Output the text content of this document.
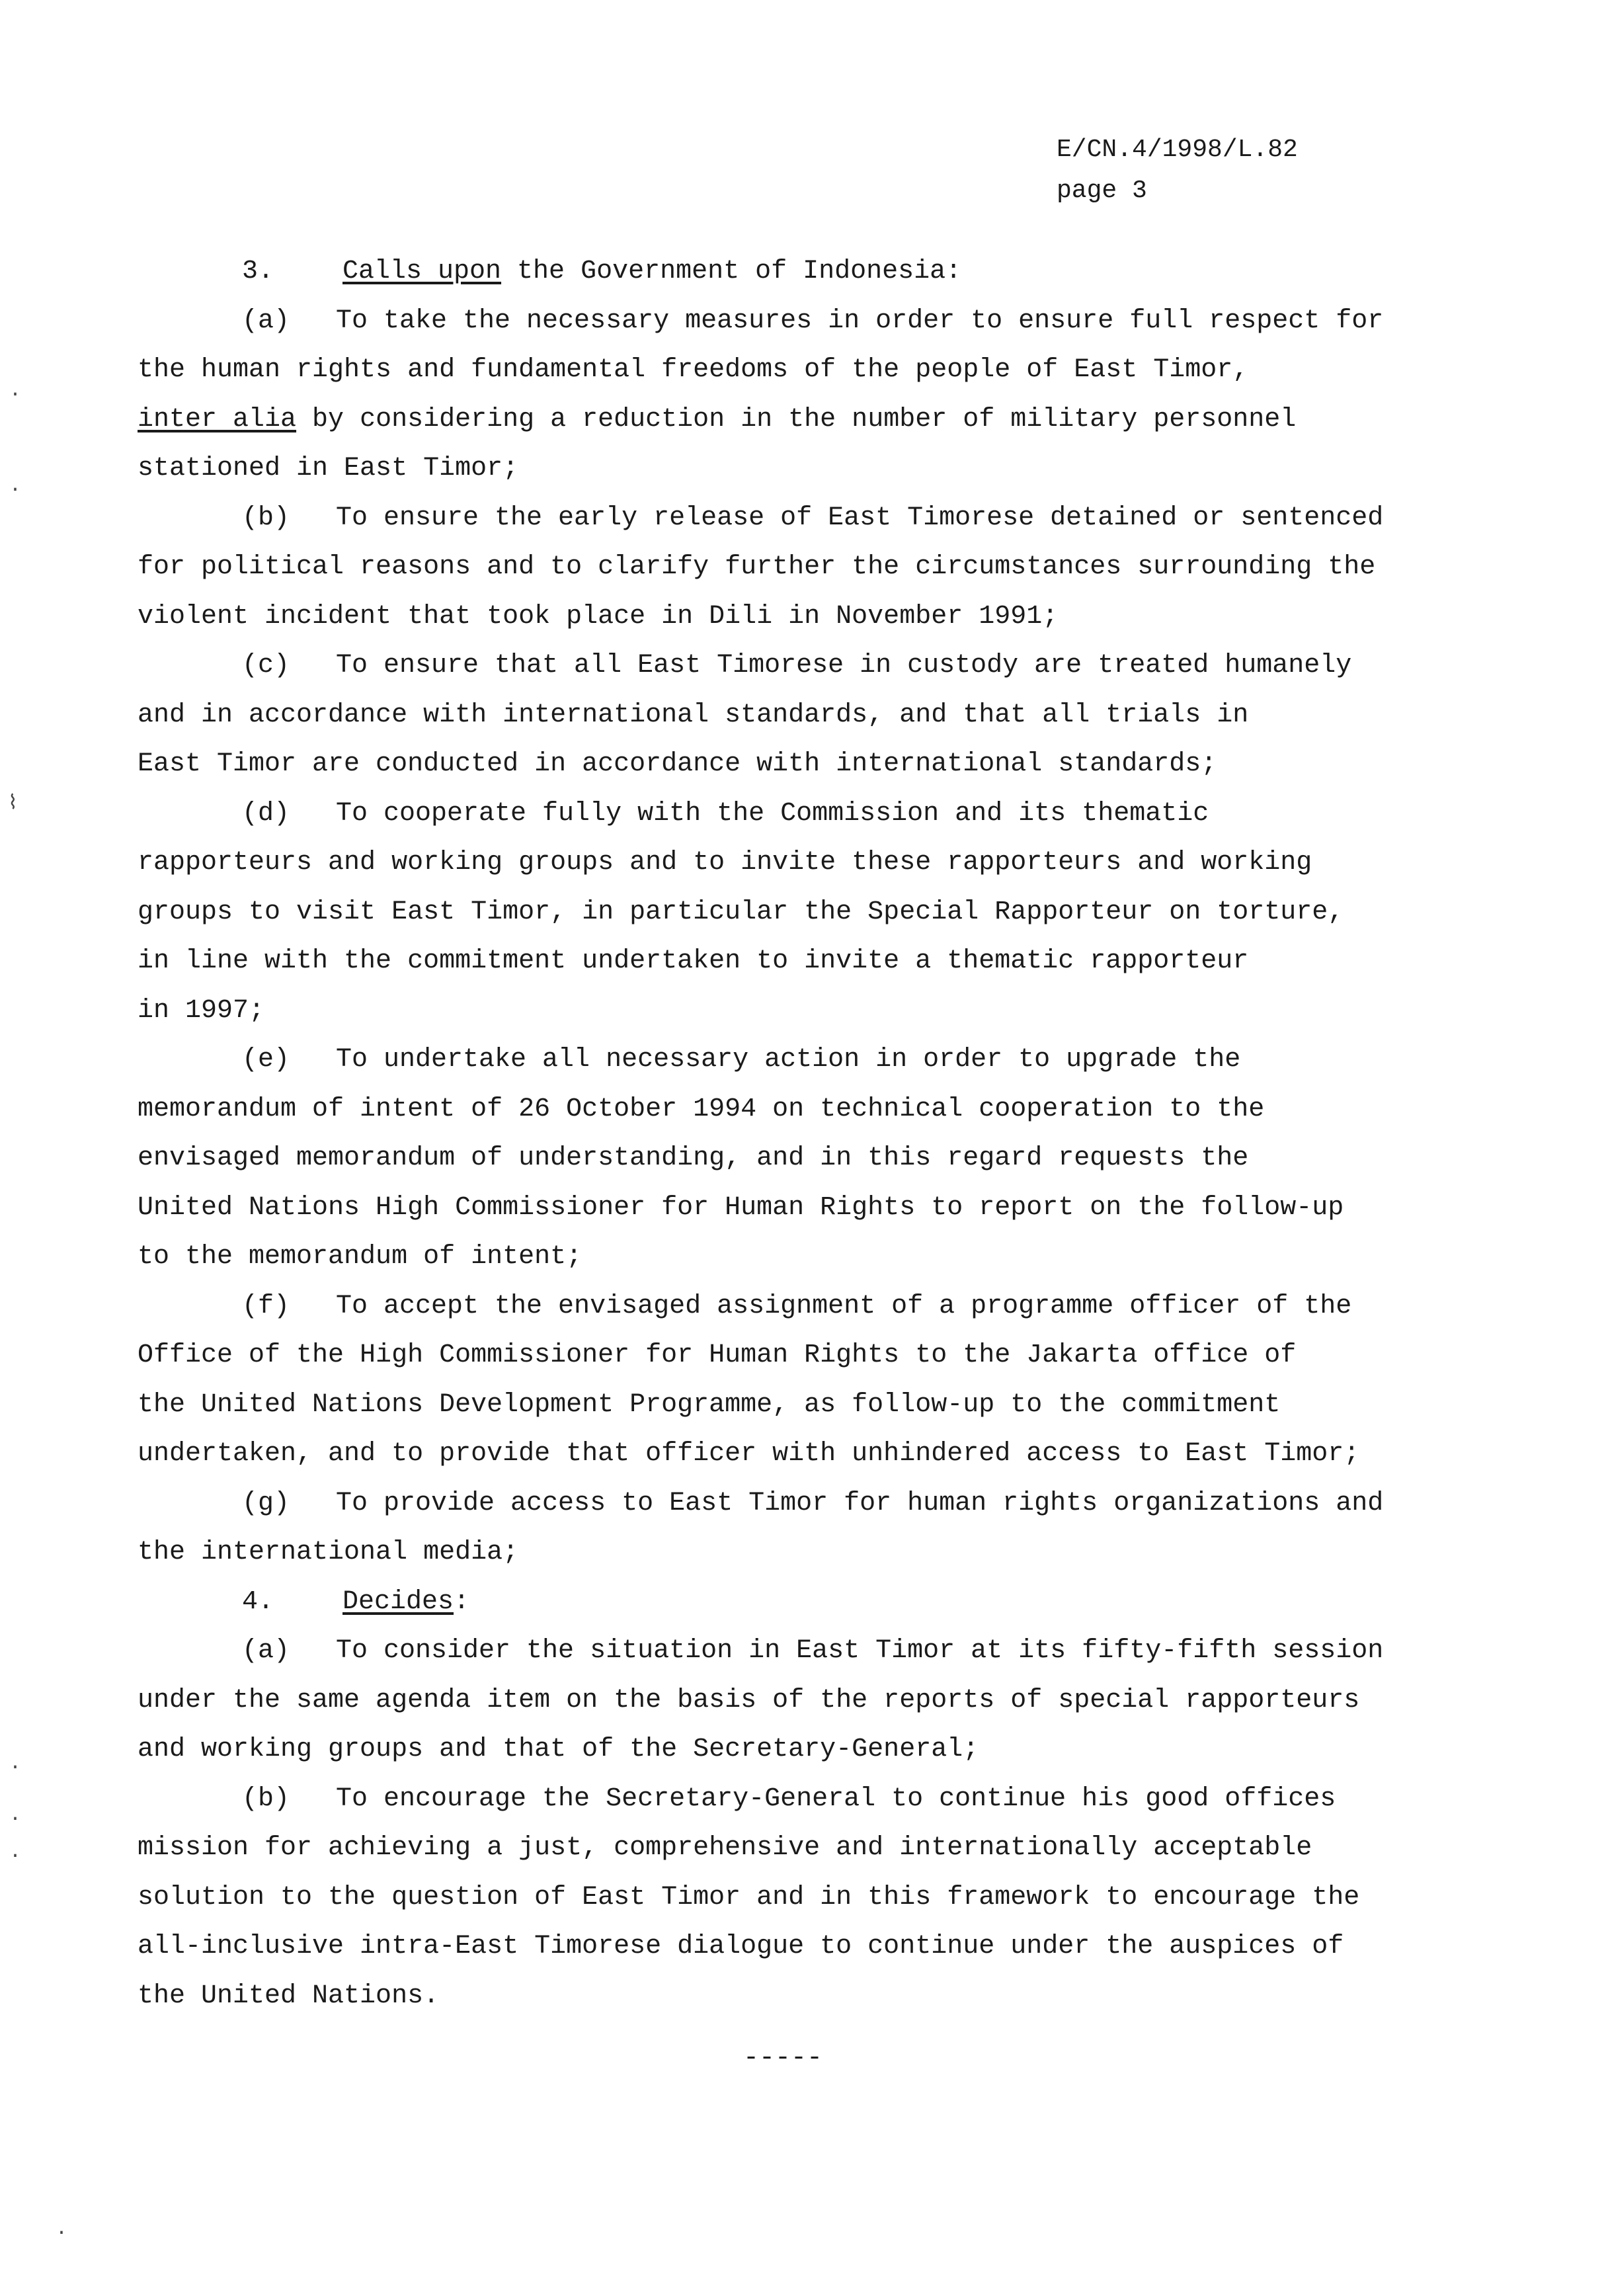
E/CN.4/1998/L.82
page 3
3.	Calls upon the Government of Indonesia:
(a) To take the necessary measures in order to ensure full respect for
the human rights and fundamental freedoms of the people of East Timor,
inter alia by considering a reduction in the number of military personnel
stationed in East Timor;
(b) To ensure the early release of East Timorese detained or sentenced
for political reasons and to clarify further the circumstances surrounding the
violent incident that took place in Dili in November 1991;
(c) To ensure that all East Timorese in custody are treated humanely
and in accordance with international standards, and that all trials in
East Timor are conducted in accordance with international standards;
(d) To cooperate fully with the Commission and its thematic
rapporteurs and working groups and to invite these rapporteurs and working
groups to visit East Timor, in particular the Special Rapporteur on torture,
in line with the commitment undertaken to invite a thematic rapporteur
in 1997;
(e) To undertake all necessary action in order to upgrade the
memorandum of intent of 26 October 1994 on technical cooperation to the
envisaged memorandum of understanding, and in this regard requests the
United Nations High Commissioner for Human Rights to report on the follow-up
to the memorandum of intent;
(f) To accept the envisaged assignment of a programme officer of the
Office of the High Commissioner for Human Rights to the Jakarta office of
the United Nations Development Programme, as follow-up to the commitment
undertaken, and to provide that officer with unhindered access to East Timor;
(g) To provide access to East Timor for human rights organizations and
the international media;
4.	Decides:
(a) To consider the situation in East Timor at its fifty-fifth session
under the same agenda item on the basis of the reports of special rapporteurs
and working groups and that of the Secretary-General;
(b) To encourage the Secretary-General to continue his good offices
mission for achieving a just, comprehensive and internationally acceptable
solution to the question of East Timor and in this framework to encourage the
all-inclusive intra-East Timorese dialogue to continue under the auspices of
the United Nations.
-----
·
·
⌇
·
·
·
·
